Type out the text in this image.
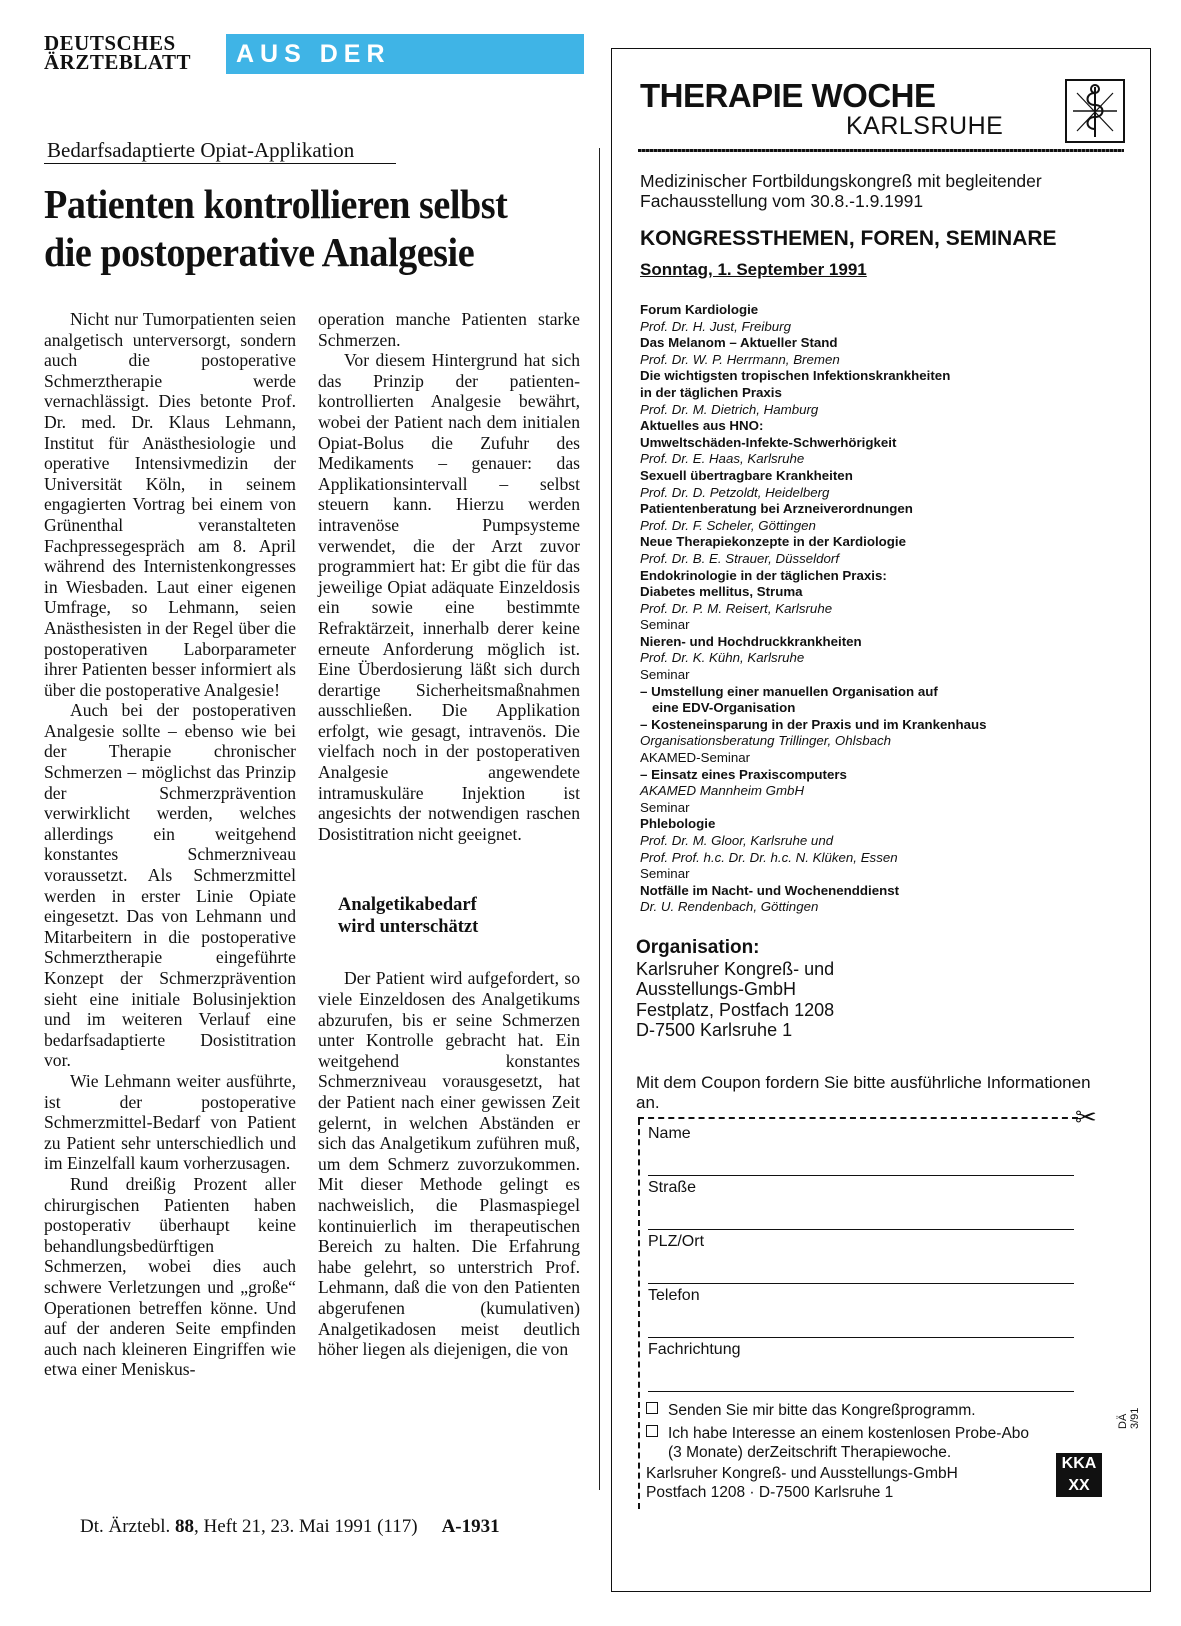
DEUTSCHES
ÄRZTEBLATT	AUS DER INDUSTRIE
Bedarfsadaptierte Opiat-Applikation
Patienten kontrollieren selbst
die postoperative Analgesie

Nicht nur Tumorpatienten seien analgetisch unterversorgt, sondern auch die postoperative Schmerztherapie werde vernachlässigt. Dies betonte Prof. Dr. med. Dr. Klaus Lehmann, Institut für Anästhesiologie und operative Intensivmedizin der Universität Köln, in seinem engagierten Vortrag bei einem von Grünenthal veranstalteten Fachpressegespräch am 8. April während des Internistenkongresses in Wiesbaden. Laut einer eigenen Umfrage, so Lehmann, seien Anästhesisten in der Regel über die postoperativen Laborparameter ihrer Patienten besser informiert als über die postoperative Analgesie!

Auch bei der postoperativen Analgesie sollte – ebenso wie bei der Therapie chronischer Schmerzen – möglichst das Prinzip der Schmerzprävention verwirklicht werden, welches allerdings ein weitgehend konstantes Schmerzniveau voraussetzt. Als Schmerzmittel werden in erster Linie Opiate eingesetzt. Das von Lehmann und Mitarbeitern in die postoperative Schmerztherapie eingeführte Konzept der Schmerzprävention sieht eine initiale Bolusinjektion und im weiteren Verlauf eine bedarfsadaptierte Dosistitration vor.

Wie Lehmann weiter ausführte, ist der postoperative Schmerzmittel-Bedarf von Patient zu Patient sehr unterschiedlich und im Einzelfall kaum vorherzusagen.

Rund dreißig Prozent aller chirurgischen Patienten haben postoperativ überhaupt keine behandlungsbedürftigen Schmerzen, wobei dies auch schwere Verletzungen und „große“ Operationen betreffen könne. Und auf der anderen Seite empfinden auch nach kleineren Eingriffen wie etwa einer Meniskus-

operation manche Patienten starke Schmerzen.

Vor diesem Hintergrund hat sich das Prinzip der patienten-kontrollierten Analgesie bewährt, wobei der Patient nach dem initialen Opiat-Bolus die Zufuhr des Medikaments – genauer: das Applikationsintervall – selbst steuern kann. Hierzu werden intravenöse Pumpsysteme verwendet, die der Arzt zuvor programmiert hat: Er gibt die für das jeweilige Opiat adäquate Einzeldosis ein sowie eine bestimmte Refraktärzeit, innerhalb derer keine erneute Anforderung möglich ist. Eine Überdosierung läßt sich durch derartige Sicherheitsmaßnahmen ausschließen. Die Applikation erfolgt, wie gesagt, intravenös. Die vielfach noch in der postoperativen Analgesie angewendete intramuskuläre Injektion ist angesichts der notwendigen raschen Dosistitration nicht geeignet.

Analgetikabedarf
wird unterschätzt

Der Patient wird aufgefordert, so viele Einzeldosen des Analgetikums abzurufen, bis er seine Schmerzen unter Kontrolle gebracht hat. Ein weitgehend konstantes Schmerzniveau vorausgesetzt, hat der Patient nach einer gewissen Zeit gelernt, in welchen Abständen er sich das Analgetikum zuführen muß, um dem Schmerz zuvorzukommen. Mit dieser Methode gelingt es nachweislich, die Plasmaspiegel kontinuierlich im therapeutischen Bereich zu halten. Die Erfahrung habe gelehrt, so unterstrich Prof. Lehmann, daß die von den Patienten abgerufenen (kumulativen) Analgetikadosen meist deutlich höher liegen als diejenigen, die von

Dt. Ärztebl. 88, Heft 21, 23. Mai 1991 (117) A-1931
THERAPIE WOCHE
KARLSRUHE
Medizinischer Fortbildungskongreß mit begleitender Fachausstellung vom 30.8.-1.9.1991
KONGRESSTHEMEN, FOREN, SEMINARE
Sonntag, 1. September 1991
Forum Kardiologie
Prof. Dr. H. Just, Freiburg
Das Melanom – Aktueller Stand
Prof. Dr. W. P. Herrmann, Bremen
Die wichtigsten tropischen Infektionskrankheiten
in der täglichen Praxis
Prof. Dr. M. Dietrich, Hamburg
Aktuelles aus HNO:
Umweltschäden-Infekte-Schwerhörigkeit
Prof. Dr. E. Haas, Karlsruhe
Sexuell übertragbare Krankheiten
Prof. Dr. D. Petzoldt, Heidelberg
Patientenberatung bei Arzneiverordnungen
Prof. Dr. F. Scheler, Göttingen
Neue Therapiekonzepte in der Kardiologie
Prof. Dr. B. E. Strauer, Düsseldorf
Endokrinologie in der täglichen Praxis:
Diabetes mellitus, Struma
Prof. Dr. P. M. Reisert, Karlsruhe
Seminar
Nieren- und Hochdruckkrankheiten
Prof. Dr. K. Kühn, Karlsruhe
Seminar
– Umstellung einer manuellen Organisation auf
eine EDV-Organisation
– Kosteneinsparung in der Praxis und im Krankenhaus
Organisationsberatung Trillinger, Ohlsbach
AKAMED-Seminar
– Einsatz eines Praxiscomputers
AKAMED Mannheim GmbH
Seminar
Phlebologie
Prof. Dr. M. Gloor, Karlsruhe und
Prof. Prof. h.c. Dr. Dr. h.c. N. Klüken, Essen
Seminar
Notfälle im Nacht- und Wochenenddienst
Dr. U. Rendenbach, Göttingen
Organisation:
Karlsruher Kongreß- und
Ausstellungs-GmbH
Festplatz, Postfach 1208
D-7500 Karlsruhe 1
Mit dem Coupon fordern Sie bitte ausführliche Informationen an.
✂
Name
Straße
PLZ/Ort
Telefon
Fachrichtung
Senden Sie mir bitte das Kongreßprogramm.
Ich habe Interesse an einem kostenlosen Probe-Abo
(3 Monate) derZeitschrift Therapiewoche.
Karlsruher Kongreß- und Ausstellungs-GmbH
Postfach 1208 · D-7500 Karlsruhe 1
DÄ 3/91
KKA
XX
